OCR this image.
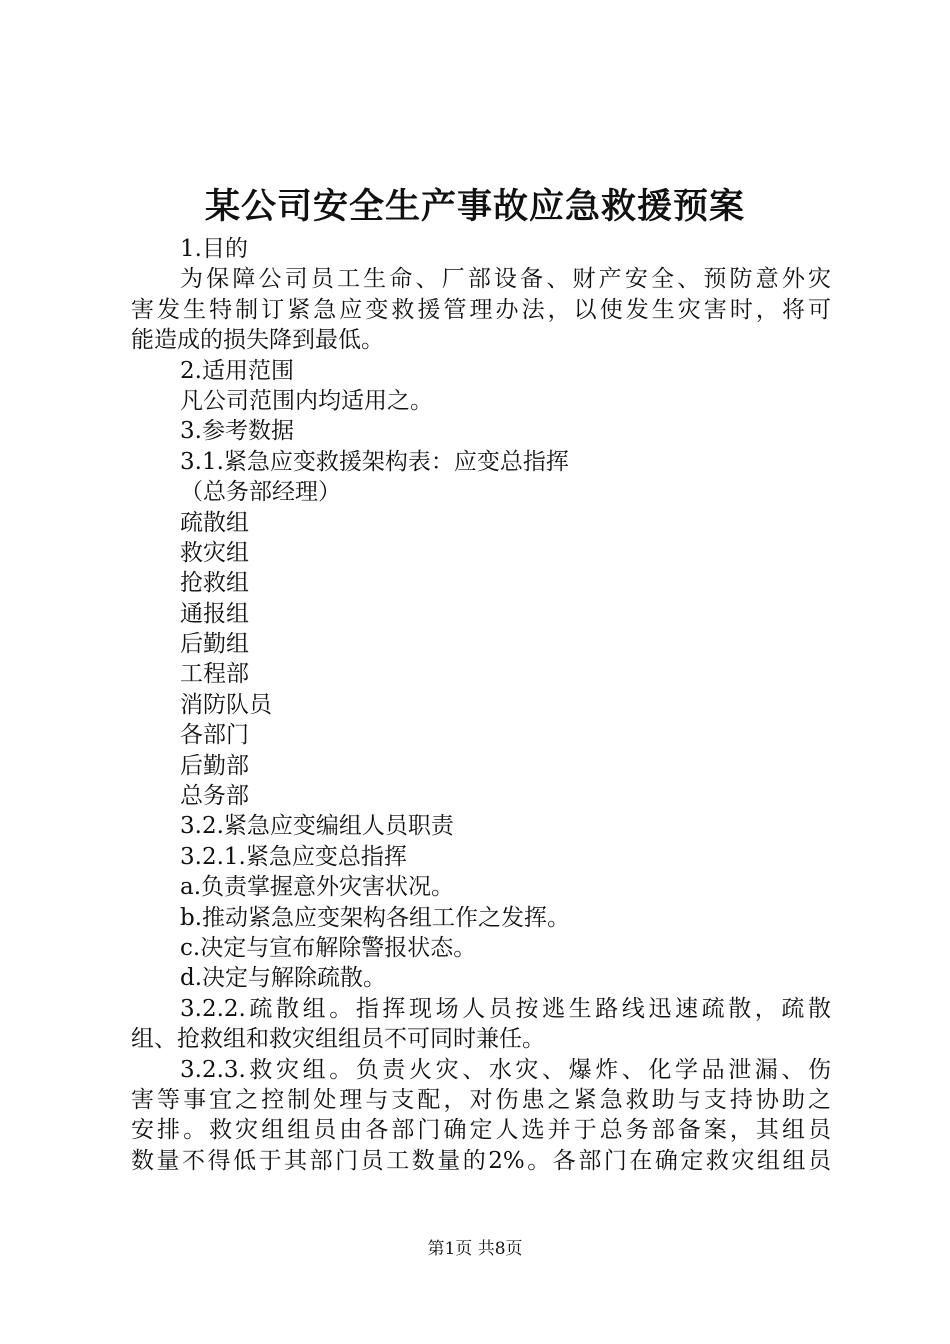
某公司安全生产事故应急救援预案
1.目的
为保障公司员工生命、厂部设备、财产安全、预防意外灾
害发生特制订紧急应变救援管理办法，以使发生灾害时，将可
能造成的损失降到最低。
2.适用范围
凡公司范围内均适用之。
3.参考数据
3.1.紧急应变救援架构表：应变总指挥
（总务部经理）
疏散组
救灾组
抢救组
通报组
后勤组
工程部
消防队员
各部门
后勤部
总务部
3.2.紧急应变编组人员职责
3.2.1.紧急应变总指挥
a.负责掌握意外灾害状况。
b.推动紧急应变架构各组工作之发挥。
c.决定与宣布解除警报状态。
d.决定与解除疏散。
3.2.2.疏散组。指挥现场人员按逃生路线迅速疏散，疏散
组、抢救组和救灾组组员不可同时兼任。
3.2.3.救灾组。负责火灾、水灾、爆炸、化学品泄漏、伤
害等事宜之控制处理与支配，对伤患之紧急救助与支持协助之
安排。救灾组组员由各部门确定人选并于总务部备案，其组员
数量不得低于其部门员工数量的2%。各部门在确定救灾组组员
第1页 共8页
